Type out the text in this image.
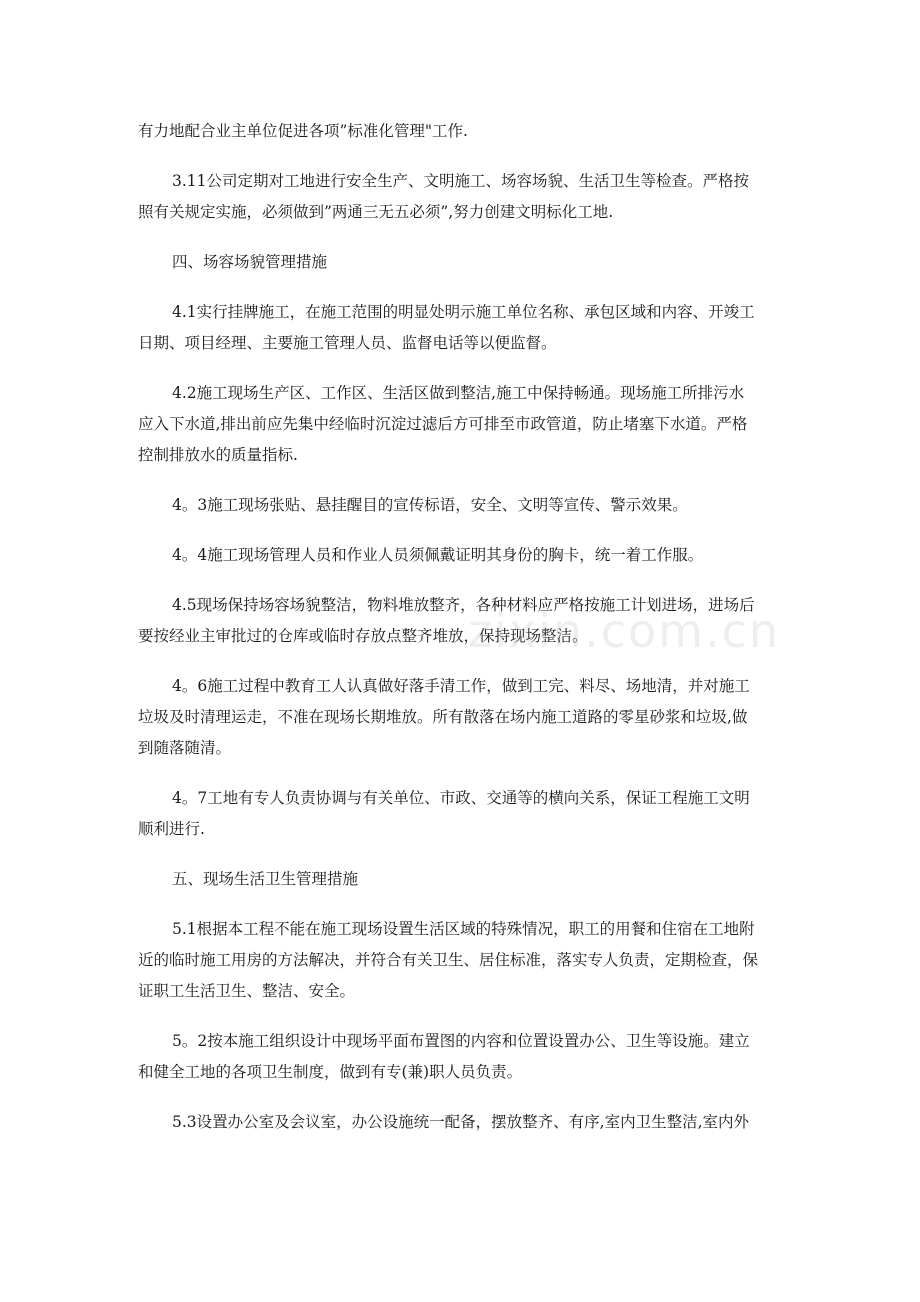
有力地配合业主单位促进各项”标准化管理"工作.
3.11公司定期对工地进行安全生产、文明施工、场容场貌、生活卫生等检查。严格按
照有关规定实施，必须做到”两通三无五必须”,努力创建文明标化工地.
四、场容场貌管理措施
4.1实行挂牌施工，在施工范围的明显处明示施工单位名称、承包区域和内容、开竣工
日期、项目经理、主要施工管理人员、监督电话等以便监督。
4.2施工现场生产区、工作区、生活区做到整洁,施工中保持畅通。现场施工所排污水
应入下水道,排出前应先集中经临时沉淀过滤后方可排至市政管道，防止堵塞下水道。严格
控制排放水的质量指标.
4。3施工现场张贴、悬挂醒目的宣传标语，安全、文明等宣传、警示效果。
4。4施工现场管理人员和作业人员须佩戴证明其身份的胸卡，统一着工作服。
4.5现场保持场容场貌整洁，物料堆放整齐，各种材料应严格按施工计划进场，进场后
要按经业主审批过的仓库或临时存放点整齐堆放，保持现场整洁。
4。6施工过程中教育工人认真做好落手清工作，做到工完、料尽、场地清，并对施工
垃圾及时清理运走，不准在现场长期堆放。所有散落在场内施工道路的零星砂浆和垃圾,做
到随落随清。
4。7工地有专人负责协调与有关单位、市政、交通等的横向关系，保证工程施工文明
顺利进行.
五、现场生活卫生管理措施
5.1根据本工程不能在施工现场设置生活区域的特殊情况，职工的用餐和住宿在工地附
近的临时施工用房的方法解决，并符合有关卫生、居住标准，落实专人负责，定期检查，保
证职工生活卫生、整洁、安全。
5。2按本施工组织设计中现场平面布置图的内容和位置设置办公、卫生等设施。建立
和健全工地的各项卫生制度，做到有专(兼)职人员负责。
5.3设置办公室及会议室，办公设施统一配备，摆放整齐、有序,室内卫生整洁,室内外
zixin.com.cn
